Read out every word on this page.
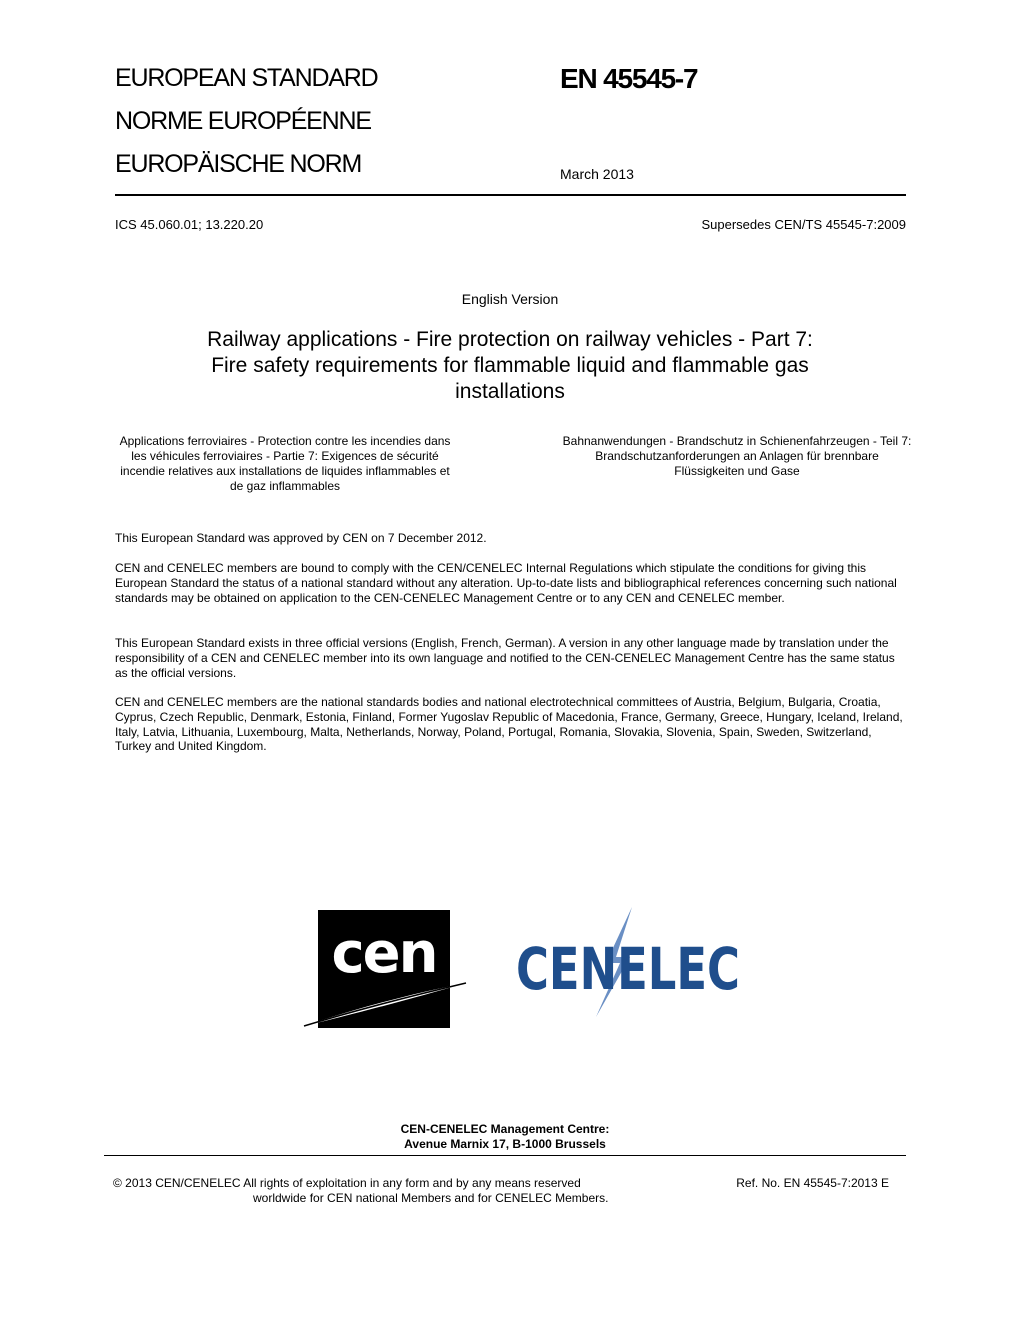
EUROPEAN STANDARD
NORME EUROPÉENNE
EUROPÄISCHE NORM
EN 45545-7
March 2013
ICS 45.060.01; 13.220.20	Supersedes CEN/TS 45545-7:2009
English Version
Railway applications - Fire protection on railway vehicles - Part 7: Fire safety requirements for flammable liquid and flammable gas installations
Applications ferroviaires - Protection contre les incendies dans les véhicules ferroviaires - Partie 7: Exigences de sécurité incendie relatives aux installations de liquides inflammables et de gaz inflammables
Bahnanwendungen - Brandschutz in Schienenfahrzeugen - Teil 7: Brandschutzanforderungen an Anlagen für brennbare Flüssigkeiten und Gase
This European Standard was approved by CEN on 7 December 2012.
CEN and CENELEC members are bound to comply with the CEN/CENELEC Internal Regulations which stipulate the conditions for giving this European Standard the status of a national standard without any alteration. Up-to-date lists and bibliographical references concerning such national standards may be obtained on application to the CEN-CENELEC Management Centre or to any CEN and CENELEC member.
This European Standard exists in three official versions (English, French, German). A version in any other language made by translation under the responsibility of a CEN and CENELEC member into its own language and notified to the CEN-CENELEC Management Centre has the same status as the official versions.
CEN and CENELEC members are the national standards bodies and national electrotechnical committees of Austria, Belgium, Bulgaria, Croatia, Cyprus, Czech Republic, Denmark, Estonia, Finland, Former Yugoslav Republic of Macedonia, France, Germany, Greece, Hungary, Iceland, Ireland, Italy, Latvia, Lithuania, Luxembourg, Malta, Netherlands, Norway, Poland, Portugal, Romania, Slovakia, Slovenia, Spain, Sweden, Switzerland, Turkey and United Kingdom.
cen CENELEC
CEN-CENELEC Management Centre:
Avenue Marnix 17, B-1000 Brussels
© 2013 CEN/CENELEC All rights of exploitation in any form and by any means reserved
worldwide for CEN national Members and for CENELEC Members.
Ref. No. EN 45545-7:2013 E
